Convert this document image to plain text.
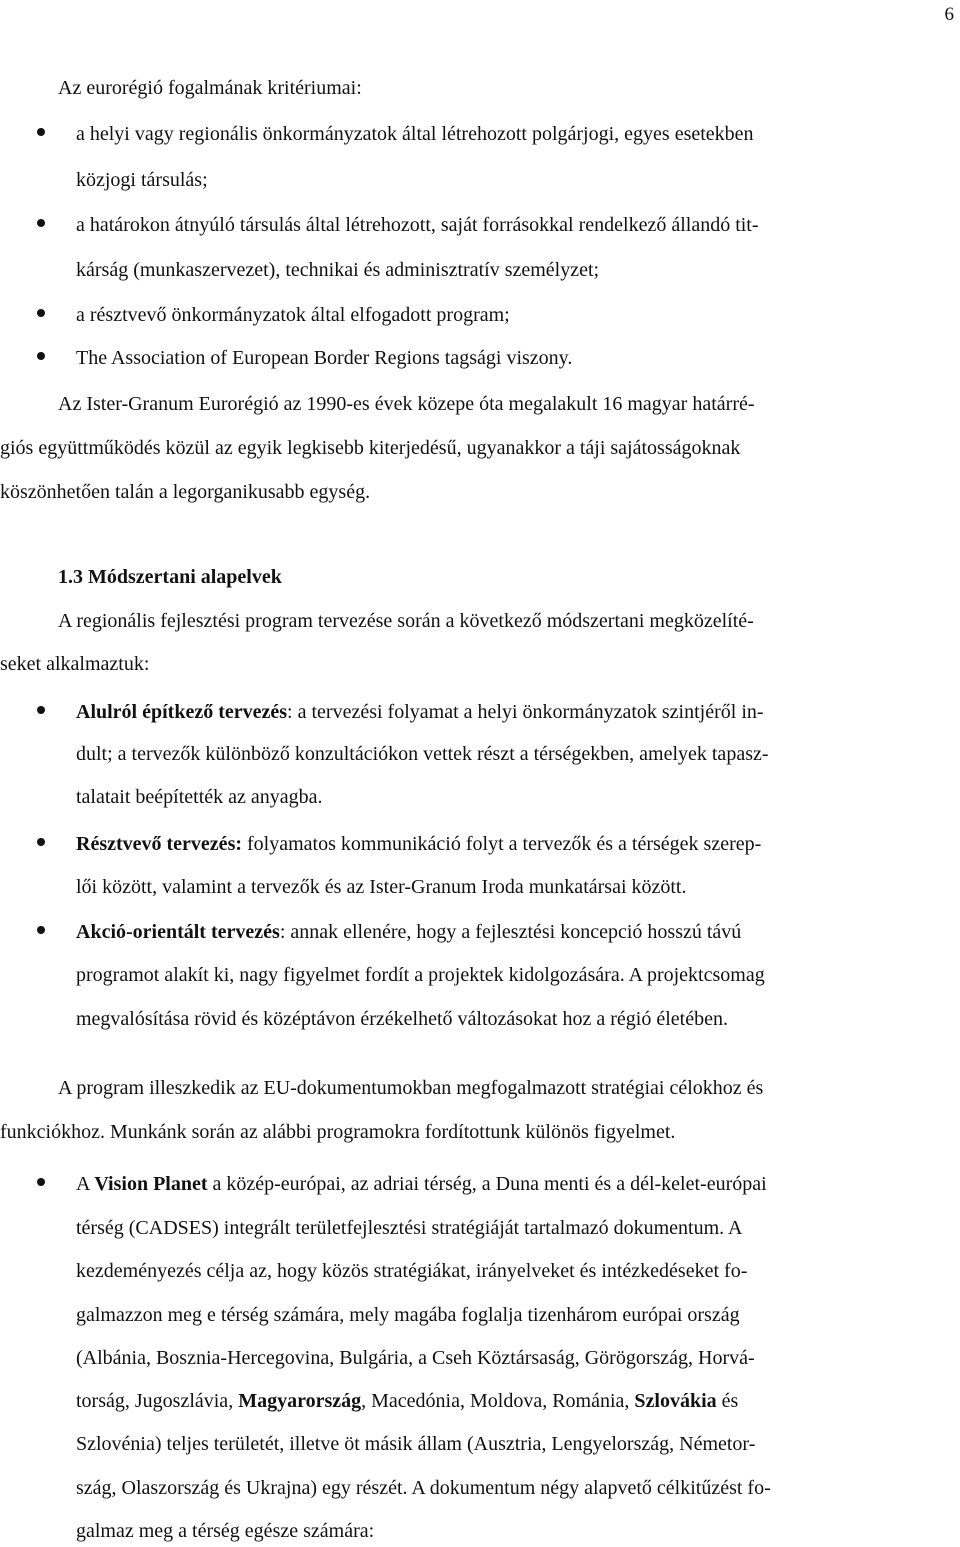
6
Az eurorégió fogalmának kritériumai:
a helyi vagy regionális önkormányzatok által létrehozott polgárjogi, egyes esetekben
közjogi társulás;
a határokon átnyúló társulás által létrehozott, saját forrásokkal rendelkező állandó tit-
kárság (munkaszervezet), technikai és adminisztratív személyzet;
a résztvevő önkormányzatok által elfogadott program;
The Association of European Border Regions tagsági viszony.
Az Ister-Granum Eurorégió az 1990-es évek közepe óta megalakult 16 magyar határré-
giós együttműködés közül az egyik legkisebb kiterjedésű, ugyanakkor a táji sajátosságoknak
köszönhetően talán a legorganikusabb egység.
1.3 Módszertani alapelvek
A regionális fejlesztési program tervezése során a következő módszertani megközelíté-
seket alkalmaztuk:
Alulról építkező tervezés: a tervezési folyamat a helyi önkormányzatok szintjéről in-
dult; a tervezők különböző konzultációkon vettek részt a térségekben, amelyek tapasz-
talatait beépítették az anyagba.
Résztvevő tervezés: folyamatos kommunikáció folyt a tervezők és a térségek szerep-
lői között, valamint a tervezők és az Ister-Granum Iroda munkatársai között.
Akció-orientált tervezés: annak ellenére, hogy a fejlesztési koncepció hosszú távú
programot alakít ki, nagy figyelmet fordít a projektek kidolgozására. A projektcsomag
megvalósítása rövid és középtávon érzékelhető változásokat hoz a régió életében.
A program illeszkedik az EU-dokumentumokban megfogalmazott stratégiai célokhoz és
funkciókhoz. Munkánk során az alábbi programokra fordítottunk különös figyelmet.
A Vision Planet a közép-európai, az adriai térség, a Duna menti és a dél-kelet-európai
térség (CADSES) integrált területfejlesztési stratégiáját tartalmazó dokumentum. A
kezdeményezés célja az, hogy közös stratégiákat, irányelveket és intézkedéseket fo-
galmazzon meg e térség számára, mely magába foglalja tizenhárom európai ország
(Albánia, Bosznia-Hercegovina, Bulgária, a Cseh Köztársaság, Görögország, Horvá-
torság, Jugoszlávia, Magyarország, Macedónia, Moldova, Románia, Szlovákia és
Szlovénia) teljes területét, illetve öt másik állam (Ausztria, Lengyelország, Németor-
szág, Olaszország és Ukrajna) egy részét. A dokumentum négy alapvető célkitűzést fo-
galmaz meg a térség egésze számára:
